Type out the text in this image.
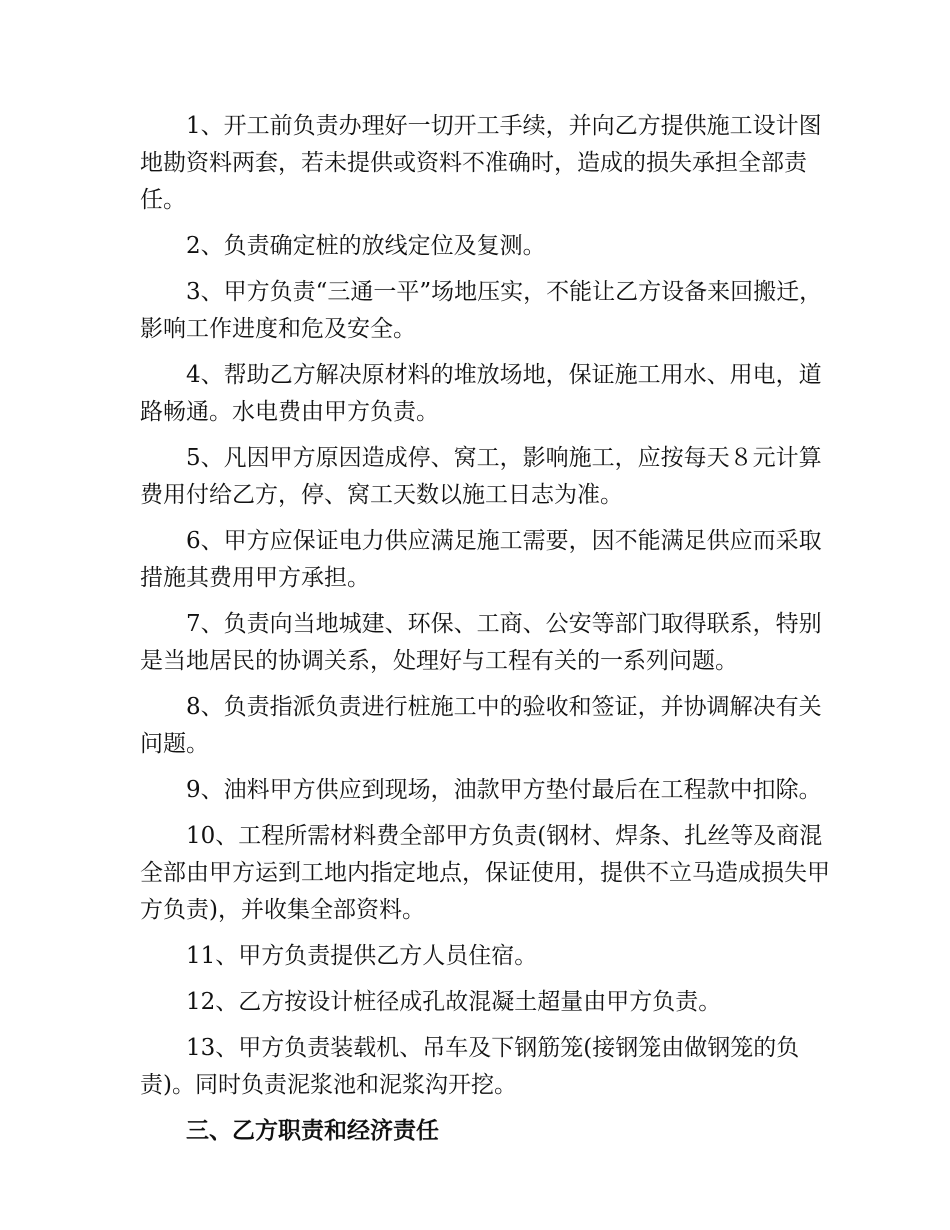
1、开工前负责办理好一切开工手续，并向乙方提供施工设计图地勘资料两套，若未提供或资料不准确时，造成的损失承担全部责任。

2、负责确定桩的放线定位及复测。

3、甲方负责“三通一平”场地压实，不能让乙方设备来回搬迁，影响工作进度和危及安全。

4、帮助乙方解决原材料的堆放场地，保证施工用水、用电，道路畅通。水电费由甲方负责。

5、凡因甲方原因造成停、窝工，影响施工，应按每天８元计算费用付给乙方，停、窝工天数以施工日志为准。

6、甲方应保证电力供应满足施工需要，因不能满足供应而采取措施其费用甲方承担。

7、负责向当地城建、环保、工商、公安等部门取得联系，特别是当地居民的协调关系，处理好与工程有关的一系列问题。

8、负责指派负责进行桩施工中的验收和签证，并协调解决有关问题。

9、油料甲方供应到现场，油款甲方垫付最后在工程款中扣除。

10、工程所需材料费全部甲方负责(钢材、焊条、扎丝等及商混全部由甲方运到工地内指定地点，保证使用，提供不立马造成损失甲方负责)，并收集全部资料。

11、甲方负责提供乙方人员住宿。

12、乙方按设计桩径成孔故混凝土超量由甲方负责。

13、甲方负责装载机、吊车及下钢筋笼(接钢笼由做钢笼的负责)。同时负责泥浆池和泥浆沟开挖。

三、乙方职责和经济责任
